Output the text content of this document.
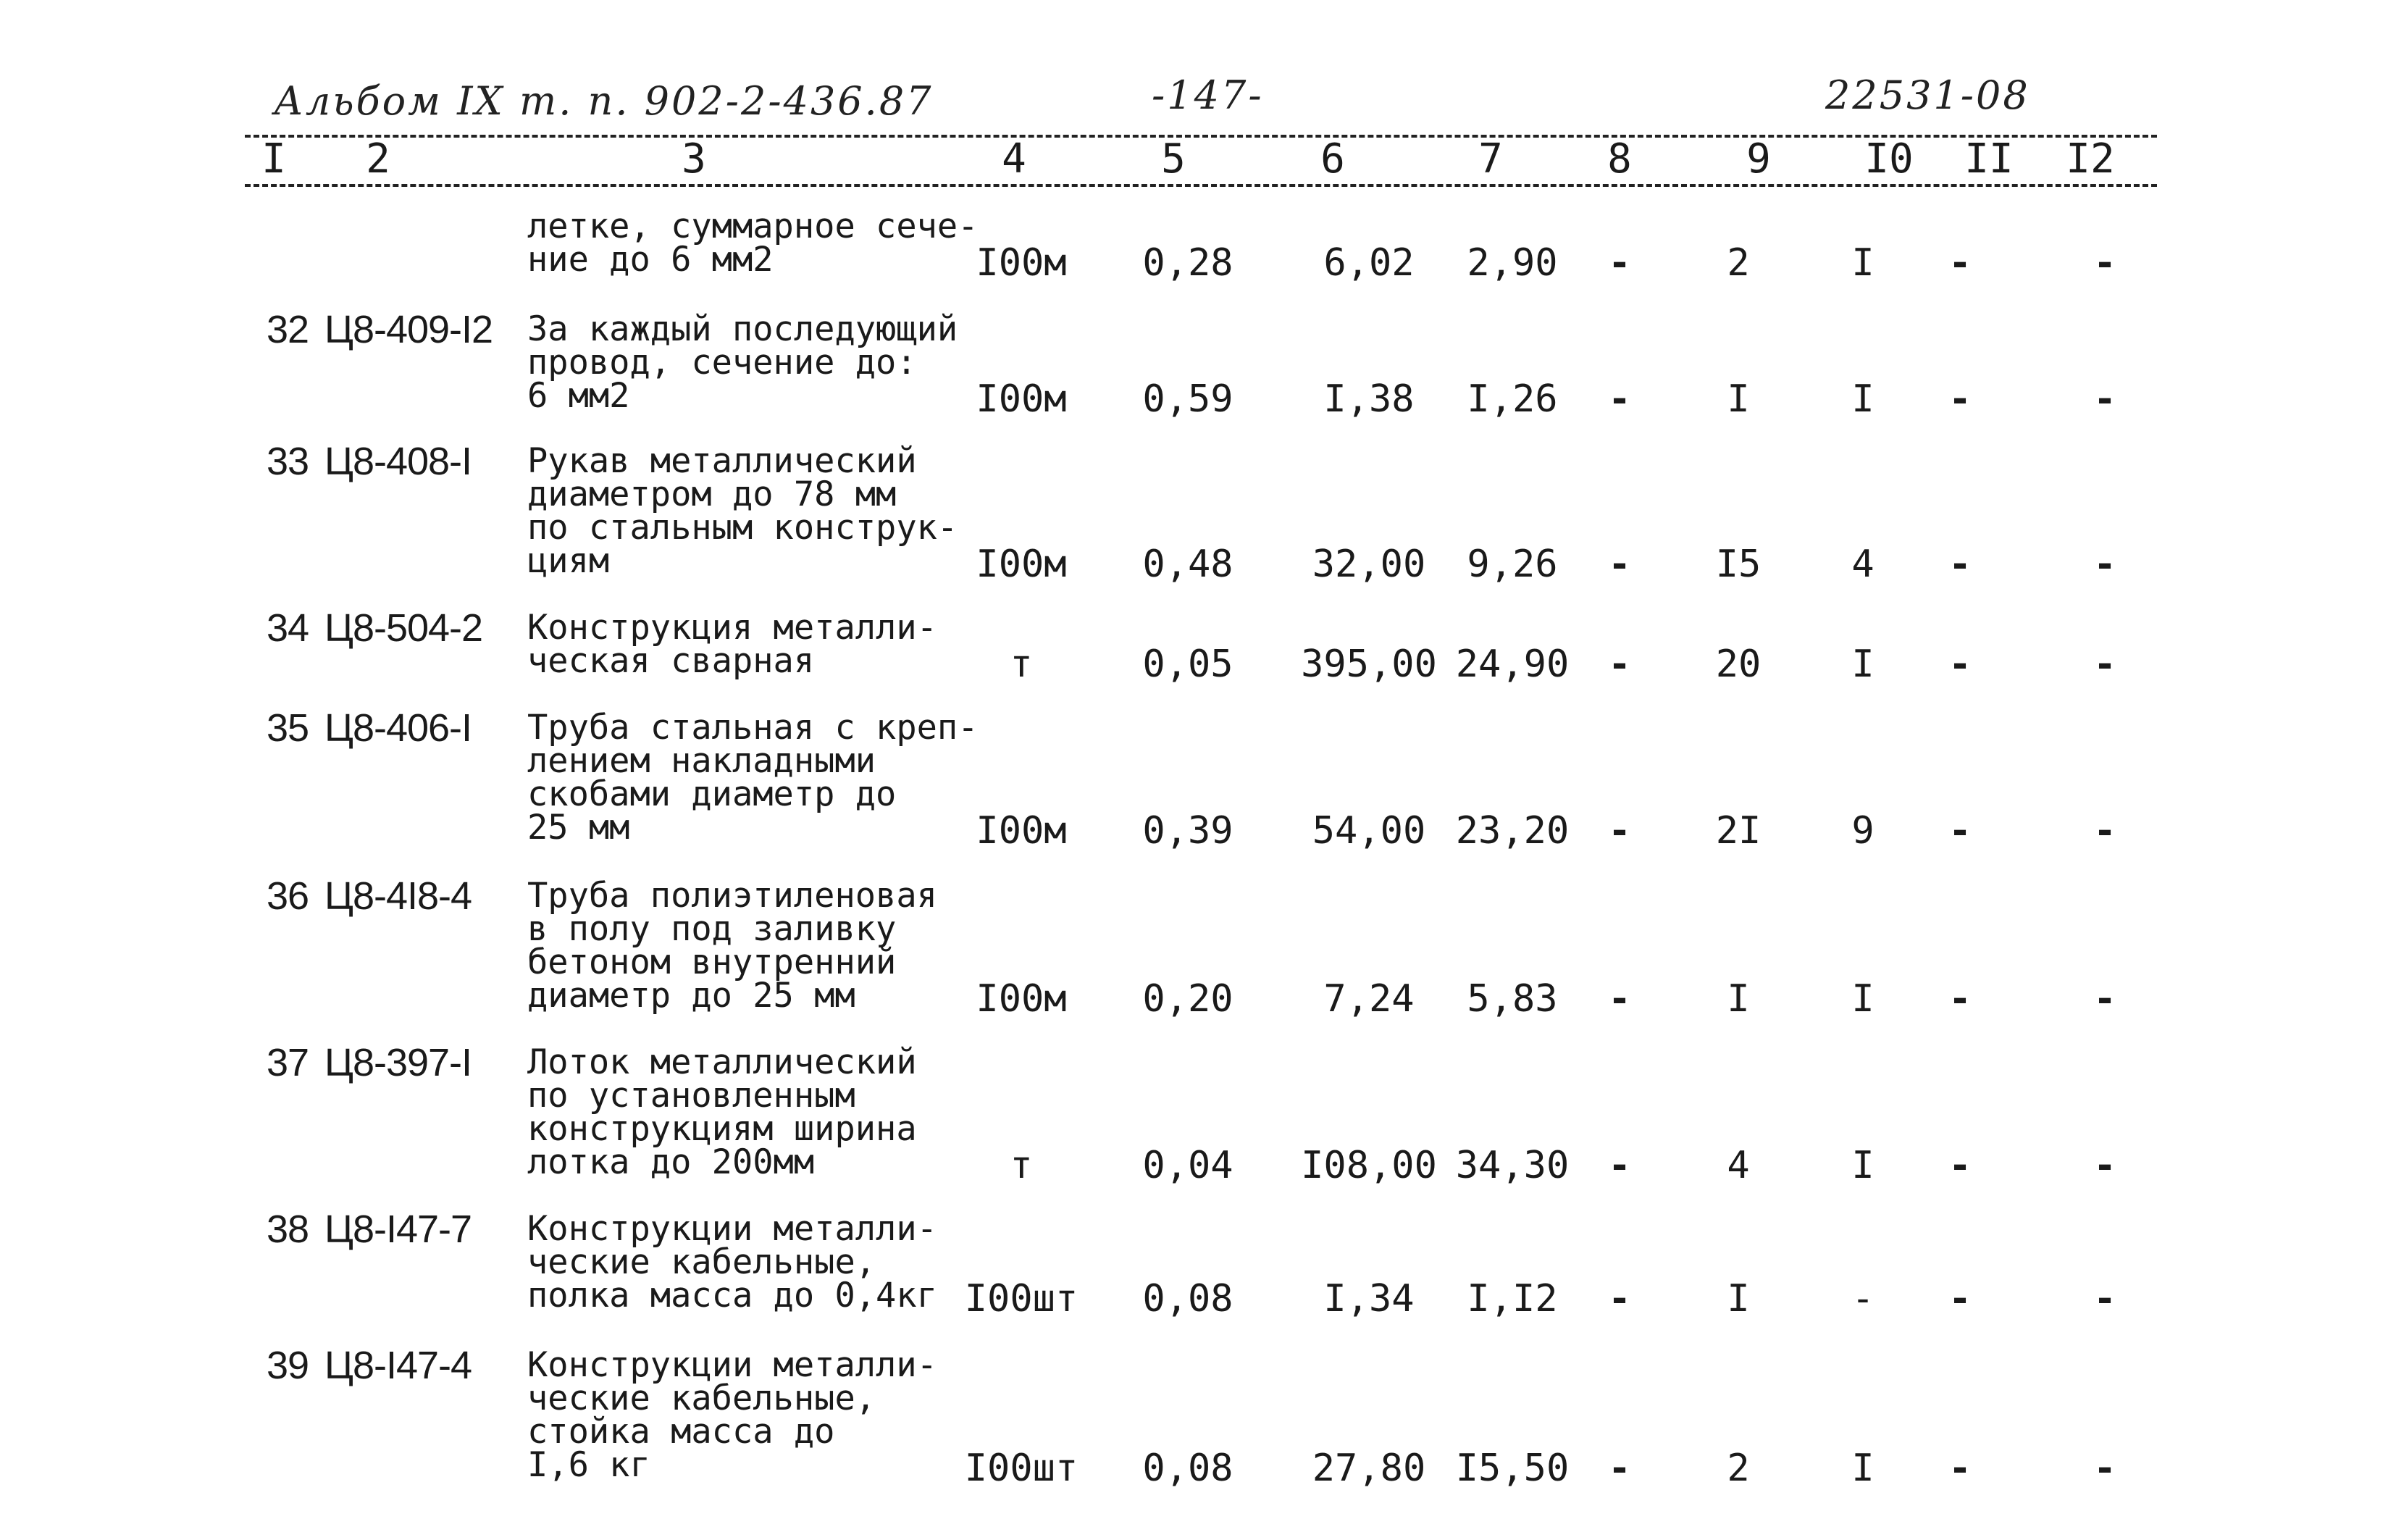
Альбом IX т. п. 902-2-436.87	-147-	22531-08
I 2	3	4	5	6	7	8	9 I0 II I2
летке, суммарное сече-
ние до 6 мм2	I00м 0,28 6,02 2,90 -	2	I -	-
32 Ц8-409-I2 За каждый последующий
провод, сечение до:
6 мм2	I00м 0,59 I,38 I,26 -	I	I -	-
33 Ц8-408-I Рукав металлический
диаметром до 78 мм
по стальным конструк-
циям	I00м 0,48 32,00 9,26 - I5 4 -	-
34 Ц8-504-2 Конструкция металли-
ческая сварная	т	0,05 395,00 24,90 - 20 I -	-
35 Ц8-406-I Труба стальная с креп-
лением накладными
скобами диаметр до
25 мм	I00м 0,39 54,00 23,20 - 2I 9 -	-
36 Ц8-4I8-4 Труба полиэтиленовая
в полу под заливку
бетоном внутренний
диаметр до 25 мм	I00м 0,20 7,24 5,83 -	I	I -	-
37 Ц8-397-I Лоток металлический
по установленным
конструкциям ширина
лотка до 200мм	т	0,04 I08,00 34,30 -	4	I -	-
38 Ц8-I47-7 Конструкции металли-
ческие кабельные,
полка масса до 0,4кг I00шт 0,08 I,34 I,I2 -	I	- -	-
39 Ц8-I47-4 Конструкции металли-
ческие кабельные,
стойка масса до
I,6 кг	I00шт 0,08 27,80 I5,50 -	2	I -	-
